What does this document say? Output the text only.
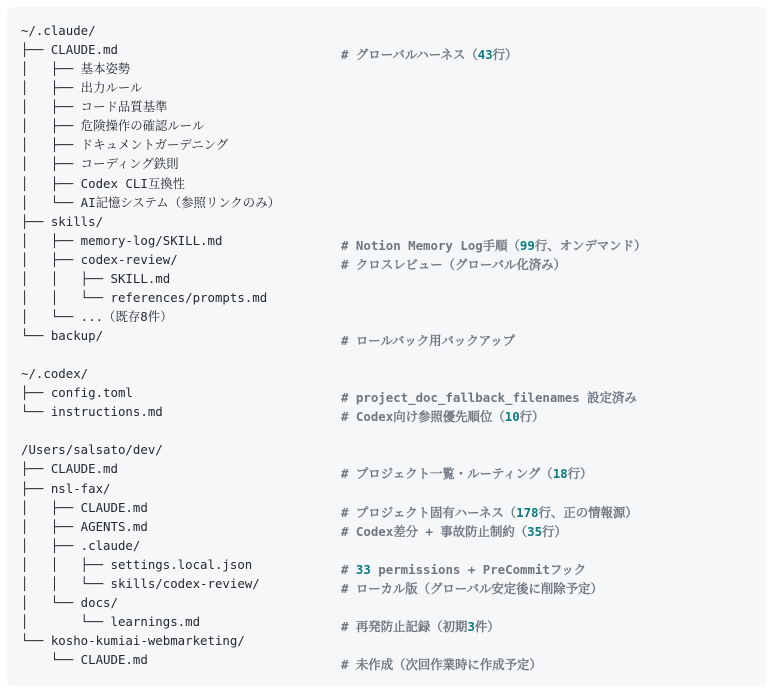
~/.claude/
├── CLAUDE.md	# グローバルハーネス（43行）
│   ├── 基本姿勢
│   ├── 出力ルール
│   ├── コード品質基準
│   ├── 危険操作の確認ルール
│   ├── ドキュメントガーデニング
│   ├── コーディング鉄則
│   ├── Codex CLI互換性
│   └── AI記憶システム（参照リンクのみ）
├── skills/
│   ├── memory-log/SKILL.md	# Notion Memory Log手順（99行、オンデマンド）
│   ├── codex-review/	# クロスレビュー（グローバル化済み）
│   │   ├── SKILL.md
│   │   └── references/prompts.md
│   └── ...（既存8件）
└── backup/	# ロールバック用バックアップ
~/.codex/
├── config.toml	# project_doc_fallback_filenames 設定済み
└── instructions.md	# Codex向け参照優先順位（10行）
/Users/salsato/dev/
├── CLAUDE.md	# プロジェクト一覧・ルーティング（18行）
├── nsl-fax/
│   ├── CLAUDE.md	# プロジェクト固有ハーネス（178行、正の情報源）
│   ├── AGENTS.md	# Codex差分 + 事故防止制約（35行）
│   ├── .claude/
│   │   ├── settings.local.json	# 33 permissions + PreCommitフック
│   │   └── skills/codex-review/	# ローカル版（グローバル安定後に削除予定）
│   └── docs/
│       └── learnings.md	# 再発防止記録（初期3件）
└── kosho-kumiai-webmarketing/
└── CLAUDE.md	# 未作成（次回作業時に作成予定）
